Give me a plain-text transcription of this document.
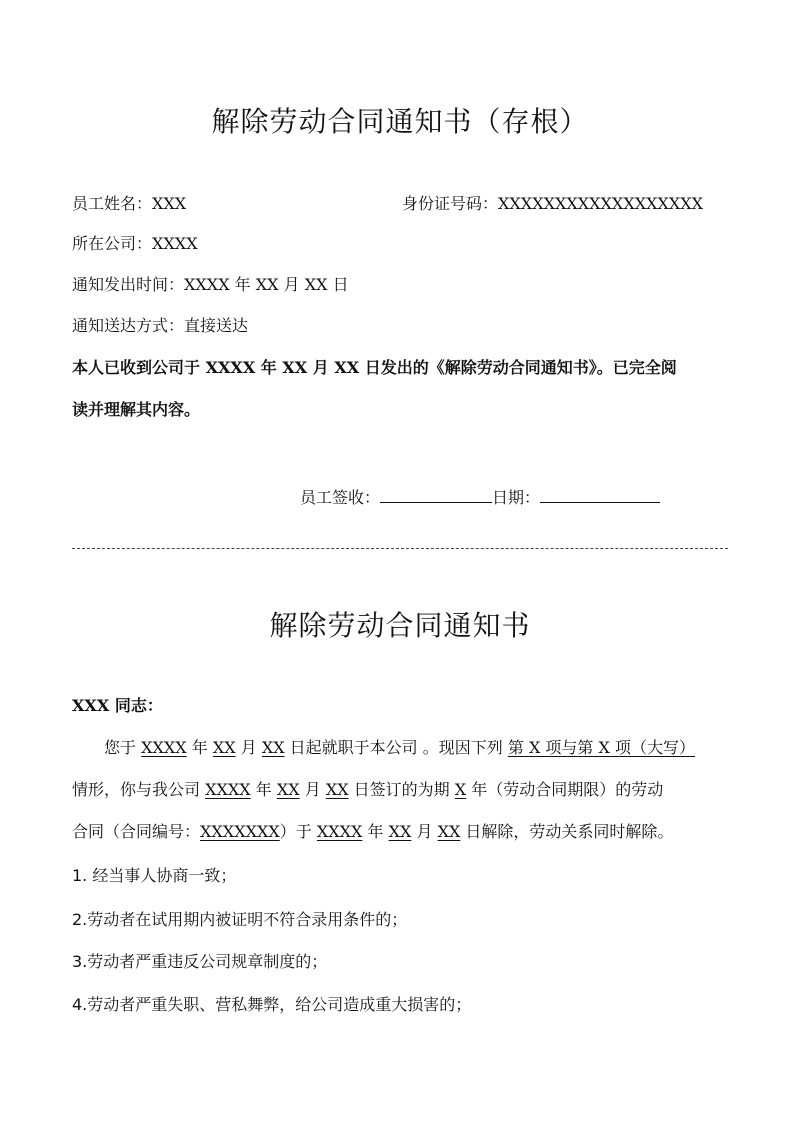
解除劳动合同通知书（存根）
员工姓名：XXX	身份证号码：XXXXXXXXXXXXXXXXXX
所在公司：XXXX
通知发出时间：XXXX 年 XX 月 XX 日
通知送达方式：直接送达
本人已收到公司于 XXXX 年 XX 月 XX 日发出的《解除劳动合同通知书》。已完全阅
读并理解其内容。
员工签收：	日期：
解除劳动合同通知书
XXX 同志：
您于 XXXX 年 XX 月 XX 日起就职于本公司 。现因下列 第 X 项与第 X 项（大写）
情形，你与我公司 XXXX 年 XX 月 XX 日签订的为期 X 年（劳动合同期限）的劳动
合同（合同编号：XXXXXXX）于 XXXX 年 XX 月 XX 日解除，劳动关系同时解除。
1. 经当事人协商一致；
2.劳动者在试用期内被证明不符合录用条件的；
3.劳动者严重违反公司规章制度的；
4.劳动者严重失职、营私舞弊，给公司造成重大损害的；
